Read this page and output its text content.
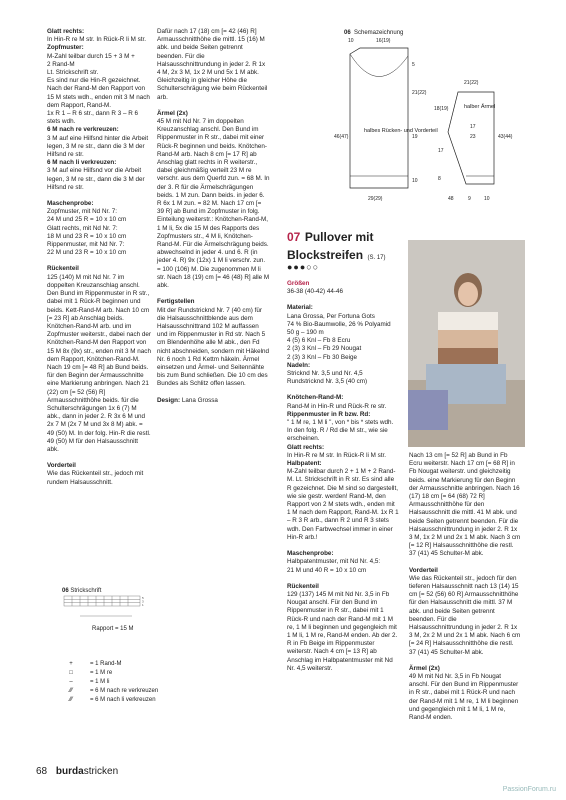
Glatt rechts:

In Hin-R re M str. In Rück-R li M str.

Zopfmuster:

M-Zahl teilbar durch 15 + 3 M +

2 Rand-M

Lt. Strickschrift str.

Es sind nur die Hin-R gezeichnet.

Nach der Rand-M den Rapport von

15 M stets wdh., enden mit 3 M nach

dem Rapport, Rand-M.

1x R 1 – R 6 str., dann R 3 – R 6

stets wdh.

6 M nach re verkreuzen:

3 M auf eine Hilfsnd hinter die Arbeit legen, 3 M re str., dann die 3 M der Hilfsnd re str.

6 M nach li verkreuzen:

3 M auf eine Hilfsnd vor die Arbeit legen, 3 M re str., dann die 3 M der Hilfsnd re str.

Maschenprobe:

Zopfmuster, mit Nd Nr. 7:

24 M und 25 R = 10 x 10 cm

Glatt rechts, mit Nd Nr. 7:

18 M und 23 R = 10 x 10 cm

Rippenmuster, mit Nd Nr. 7:

22 M und 23 R = 10 x 10 cm

Rückenteil

125 (140) M mit Nd Nr. 7 im doppelten Kreuzanschlag anschl. Den Bund im Rippenmuster in R str., dabei mit 1 Rück-R beginnen und beids. Kett-Rand-M arb. Nach 10 cm [= 23 R] ab Anschlag beids. Knötchen-Rand-M arb. und im Zopfmuster weiterstr., dabei nach der Knötchen-Rand-M den Rapport von 15 M 8x (9x) str., enden mit 3 M nach dem Rapport, Knötchen-Rand-M. Nach 19 cm [= 48 R] ab Bund beids. für den Beginn der Armausschnitte eine Markierung anbringen. Nach 21 (22) cm [= 52 (56) R] Armausschnitthöhe beids. für die Schulterschrägungen 1x 6 (7) M abk., dann in jeder 2. R 3x 6 M und 2x 7 M (2x 7 M und 3x 8 M) abk. = 49 (50) M. In der folg. Hin-R die restl. 49 (50) M für den Halsausschnitt abk.

Vorderteil

Wie das Rückenteil str., jedoch mit rundem Halsausschnitt.

06 Strickschrift
5
3
1
Rapport = 15 M
+	= 1 Rand-M
□	= 1 M re
–	= 1 M li
⁄⁄⁄	= 6 M nach re verkreuzen
⁄⁄⁄	= 6 M nach li verkreuzen

Dafür nach 17 (18) cm [= 42 (46) R] Armausschnitthöhe die mittl. 15 (16) M abk. und beide Seiten getrennt beenden. Für die Halsausschnittrundung in jeder 2. R 1x 4 M, 2x 3 M, 1x 2 M und 5x 1 M abk. Gleichzeitig in gleicher Höhe die Schulterschrägung wie beim Rückenteil arb.

Ärmel (2x)

45 M mit Nd Nr. 7 im doppelten Kreuzanschlag anschl. Den Bund im Rippenmuster in R str., dabei mit einer Rück-R beginnen und beids. Knötchen-Rand-M arb. Nach 8 cm [= 17 R] ab Anschlag glatt rechts in R weiterstr., dabei gleichmäßig verteilt 23 M re verschr. aus dem Querfd zun. = 68 M. In der 3. R für die Ärmelschrägungen beids. 1 M zun. Dann beids. in jeder 6. R 6x 1 M zun. = 82 M. Nach 17 cm [= 39 R] ab Bund im Zopfmuster in folg. Einteilung weiterstr.: Knötchen-Rand-M, 1 M li, 5x die 15 M des Rapports des Zopfmusters str., 4 M li, Knötchen-Rand-M. Für die Ärmelschrägung beids. abwechselnd in jeder 4. und 6. R (in jeder 4. R) 9x (12x) 1 M li verschr. zun. = 100 (106) M. Die zugenommen M li str. Nach 18 (19) cm [= 46 (48) R] alle M abk.

Fertigstellen

Mit der Rundstricknd Nr. 7 (40 cm) für die Halsausschnittblende aus dem Halsausschnittrand 102 M auffassen und im Rippenmuster in Rd str. Nach 5 cm Blendenhöhe alle M abk., den Fd nicht abschneiden, sondern mit Häkelnd Nr. 6 noch 1 Rd Kettm häkeln. Ärmel einsetzen und Ärmel- und Seitennähte bis zum Bund schließen. Die 10 cm des Bundes als Schlitz offen lassen.

Design: Lana Grossa

06 Schemazeichnung
halbes Rücken- und Vorderteil
10	16(19)
5
21(22)
19
10
46(47)
29(29)
21(22)
halber Ärmel
17
23
18(19)
17
8
43(44)
48	9	10
07 Pullover mit Blockstreifen (S. 17)
●●●○○

Größen

36-38 (40-42) 44-46

Material:

Lana Grossa, Per Fortuna Gots

74 % Bio-Baumwolle, 26 % Polyamid

50 g – 190 m

4 (5) 6 Knl – Fb 8 Ecru

2 (3) 3 Knl – Fb 29 Nougat

2 (3) 3 Knl – Fb 30 Beige

Nadeln:

Stricknd Nr. 3,5 und Nr. 4,5

Rundstricknd Nr. 3,5 (40 cm)

Knötchen-Rand-M:

Rand-M in Hin-R und Rück-R re str.

Rippenmuster in R bzw. Rd:

" 1 M re, 1 M li ", von * bis * stets wdh. In den folg. R / Rd die M str., wie sie erscheinen.

Glatt rechts:

In Hin-R re M str. In Rück-R li M str.

Halbpatent:

M-Zahl teilbar durch 2 + 1 M + 2 Rand-M. Lt. Strickschrift in R str. Es sind alle R gezeichnet. Die M sind so dargestellt, wie sie gestr. werden! Rand-M, den Rapport von 2 M stets wdh., enden mit 1 M nach dem Rapport, Rand-M. 1x R 1 – R 3 R arb., dann R 2 und R 3 stets wdh. Den Farbwechsel immer in einer Hin-R arb.!

Maschenprobe:

Halbpatentmuster, mit Nd Nr. 4,5:

21 M und 40 R = 10 x 10 cm

Rückenteil

129 (137) 145 M mit Nd Nr. 3,5 in Fb Nougat anschl. Für den Bund im Rippenmuster in R str., dabei mit 1 Rück-R und nach der Rand-M mit 1 M re, 1 M li beginnen und gegengleich mit 1 M li, 1 M re, Rand-M enden. Ab der 2. R in Fb Beige im Rippenmuster weiterstr. Nach 4 cm [= 13 R] ab Anschlag im Halbpatentmuster mit Nd Nr. 4,5 weiterstr.

Nach 13 cm [= 52 R] ab Bund in Fb Ecru weiterstr. Nach 17 cm [= 68 R] in Fb Nougat weiterstr. und gleichzeitig beids. eine Markierung für den Beginn der Armausschnitte anbringen. Nach 16 (17) 18 cm [= 64 (68) 72 R] Armausschnitthöhe für den Halsausschnitt die mittl. 41 M abk. und beide Seiten getrennt beenden. Für die Halsausschnittrundung in jeder 2. R 1x 3 M, 1x 2 M und 2x 1 M abk. Nach 3 cm [= 12 R] Halsausschnitthöhe die restl. 37 (41) 45 Schulter-M abk.

Vorderteil

Wie das Rückenteil str., jedoch für den tieferen Halsausschnitt nach 13 (14) 15 cm [= 52 (56) 60 R] Armausschnitthöhe für den Halsausschnitt die mittl. 37 M abk. und beide Seiten getrennt beenden. Für die Halsausschnittrundung in jeder 2. R 1x 3 M, 2x 2 M und 2x 1 M abk. Nach 6 cm [= 24 R] Halsausschnitthöhe die restl. 37 (41) 45 Schulter-M abk.

Ärmel (2x)

49 M mit Nd Nr. 3,5 in Fb Nougat anschl. Für den Bund im Rippenmuster in R str., dabei mit 1 Rück-R und nach der Rand-M mit 1 M re, 1 M li beginnen und gegengleich mit 1 M li, 1 M re, Rand-M enden.

68 burdastricken
PassionForum.ru
